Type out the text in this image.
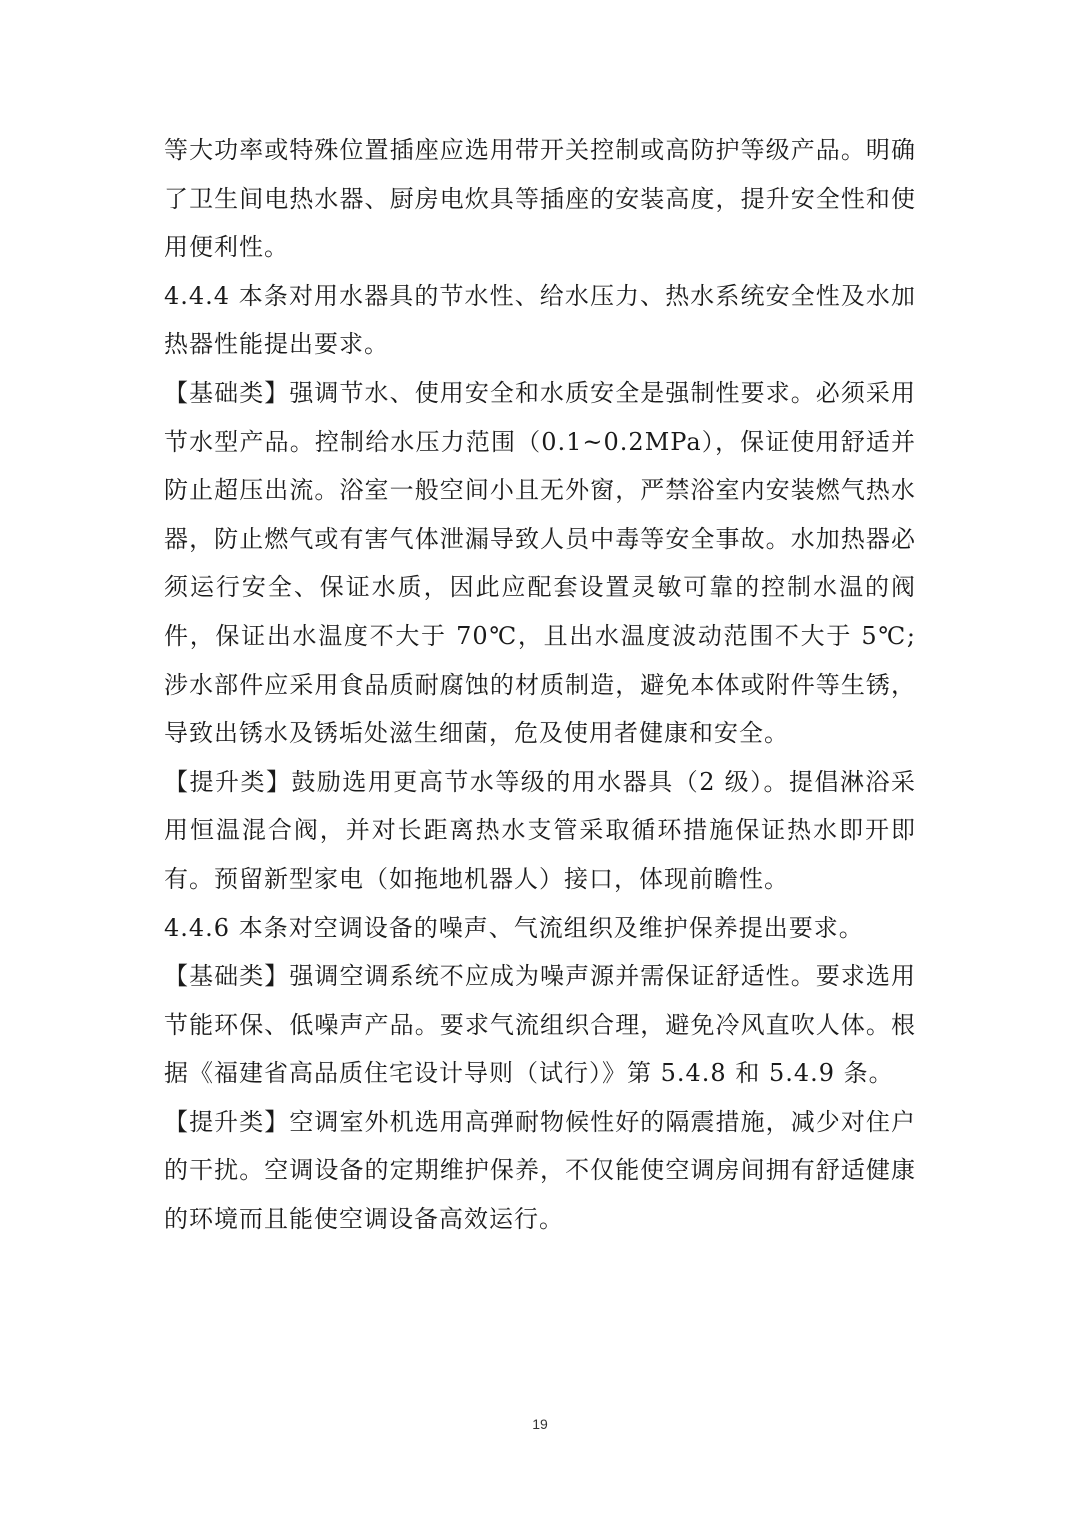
等大功率或特殊位置插座应选用带开关控制或高防护等级产品。明确了卫生间电热水器、厨房电炊具等插座的安装高度，提升安全性和使用便利性。

4.4.4 本条对用水器具的节水性、给水压力、热水系统安全性及水加热器性能提出要求。

【基础类】强调节水、使用安全和水质安全是强制性要求。必须采用节水型产品。控制给水压力范围（0.1~0.2MPa），保证使用舒适并防止超压出流。浴室一般空间小且无外窗，严禁浴室内安装燃气热水器，防止燃气或有害气体泄漏导致人员中毒等安全事故。水加热器必须运行安全、保证水质，因此应配套设置灵敏可靠的控制水温的阀件，保证出水温度不大于 70℃，且出水温度波动范围不大于 5℃; 涉水部件应采用食品质耐腐蚀的材质制造，避免本体或附件等生锈，导致出锈水及锈垢处滋生细菌，危及使用者健康和安全。

【提升类】鼓励选用更高节水等级的用水器具（2 级）。提倡淋浴采用恒温混合阀，并对长距离热水支管采取循环措施保证热水即开即有。预留新型家电（如拖地机器人）接口，体现前瞻性。

4.4.6 本条对空调设备的噪声、气流组织及维护保养提出要求。

【基础类】强调空调系统不应成为噪声源并需保证舒适性。要求选用节能环保、低噪声产品。要求气流组织合理，避免冷风直吹人体。根据《福建省高品质住宅设计导则（试行）》第 5.4.8 和 5.4.9 条。

【提升类】空调室外机选用高弹耐物候性好的隔震措施，减少对住户的干扰。空调设备的定期维护保养，不仅能使空调房间拥有舒适健康的环境而且能使空调设备高效运行。

19
